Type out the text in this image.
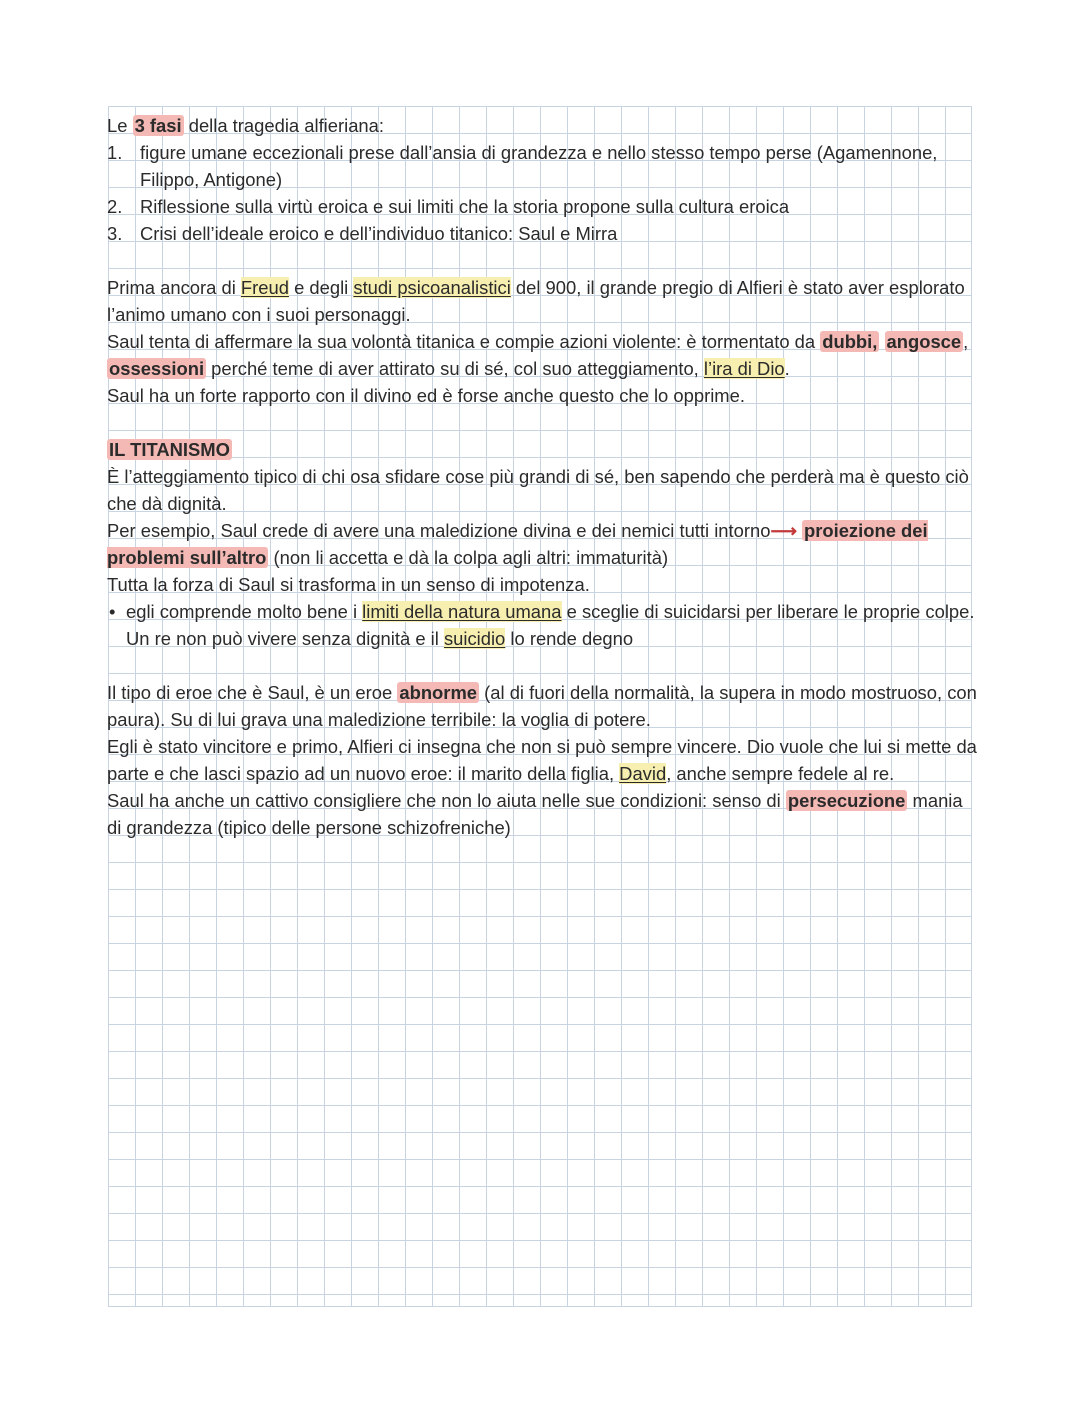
Le 3 fasi della tragedia alfieriana:

1. figure umane eccezionali prese dall’ansia di grandezza e nello stesso tempo perse (Agamennone, Filippo, Antigone)
2. Riflessione sulla virtù eroica e sui limiti che la storia propone sulla cultura eroica
3. Crisi dell’ideale eroico e dell’individuo titanico: Saul e Mirra

Prima ancora di Freud e degli studi psicoanalistici del 900, il grande pregio di Alfieri è stato aver esplorato l’animo umano con i suoi personaggi.

Saul tenta di affermare la sua volontà titanica e compie azioni violente: è tormentato da dubbi, angosce , ossessioni perché teme di aver attirato su di sé, col suo atteggiamento, l’ira di Dio.

Saul ha un forte rapporto con il divino ed è forse anche questo che lo opprime.

IL TITANISMO

È l’atteggiamento tipico di chi osa sfidare cose più grandi di sé, ben sapendo che perderà ma è questo ciò che dà dignità.

Per esempio, Saul crede di avere una maledizione divina e dei nemici tutti intorno⟶ proiezione dei problemi sull’altro (non li accetta e dà la colpa agli altri: immaturità)

Tutta la forza di Saul si trasforma in un senso di impotenza.

• egli comprende molto bene i limiti della natura umana e sceglie di suicidarsi per liberare le proprie colpe. Un re non può vivere senza dignità e il suicidio lo rende degno

Il tipo di eroe che è Saul, è un eroe abnorme (al di fuori della normalità, la supera in modo mostruoso, con paura). Su di lui grava una maledizione terribile: la voglia di potere.

Egli è stato vincitore e primo, Alfieri ci insegna che non si può sempre vincere. Dio vuole che lui si mette da parte e che lasci spazio ad un nuovo eroe: il marito della figlia, David, anche sempre fedele al re.

Saul ha anche un cattivo consigliere che non lo aiuta nelle sue condizioni: senso di persecuzione mania di grandezza (tipico delle persone schizofreniche)
